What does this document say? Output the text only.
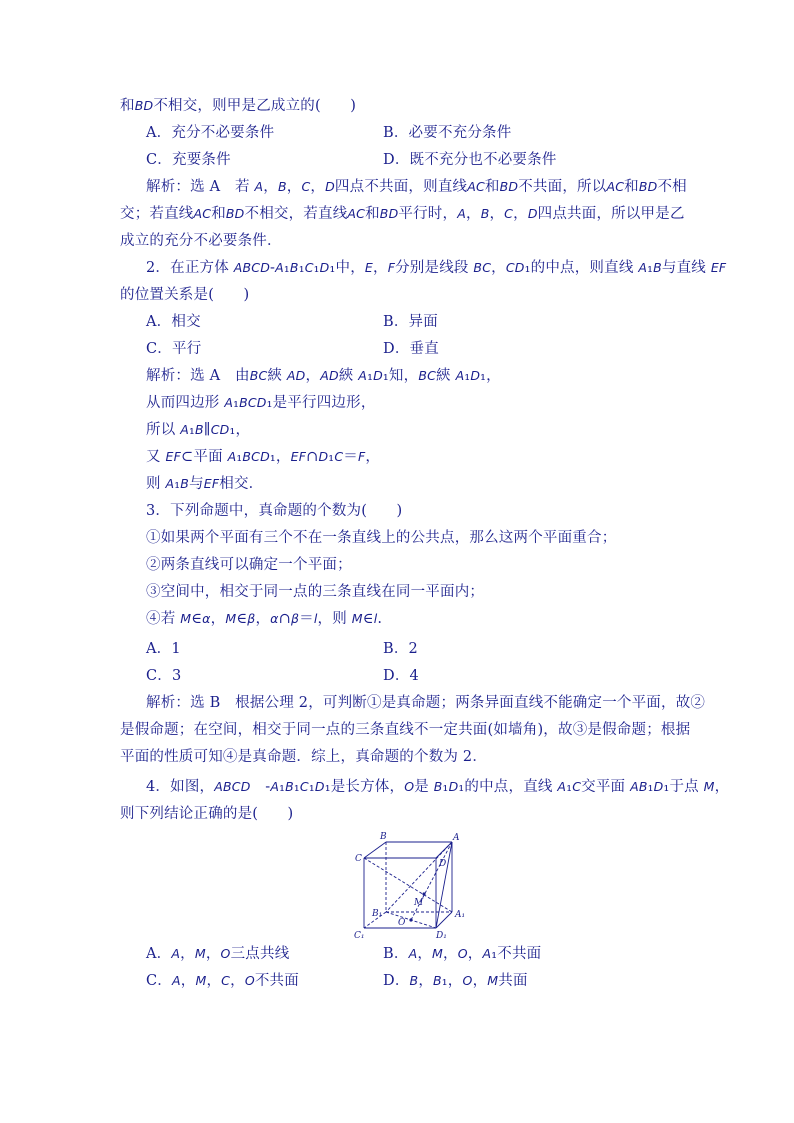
和BD不相交，则甲是乙成立的(　　)
A．充分不必要条件	B．必要不充分条件
C．充要条件	D．既不充分也不必要条件
解析：选 A　若 A，B，C，D四点不共面，则直线AC和BD不共面，所以AC和BD不相
交；若直线AC和BD不相交，若直线AC和BD平行时，A，B，C，D四点共面，所以甲是乙
成立的充分不必要条件．
2．在正方体 ABCD-A₁B₁C₁D₁中，E，F分别是线段 BC，CD₁的中点，则直线 A₁B与直线 EF
的位置关系是(　　)
A．相交	B．异面
C．平行	D．垂直
解析：选 A　由BC綊 AD，AD綊 A₁D₁知，BC綊 A₁D₁，
从而四边形 A₁BCD₁是平行四边形，
所以 A₁B∥CD₁，
又 EF⊂平面 A₁BCD₁，EF∩D₁C＝F，
则 A₁B与EF相交．
3．下列命题中，真命题的个数为(　　)
①如果两个平面有三个不在一条直线上的公共点，那么这两个平面重合；
②两条直线可以确定一个平面；
③空间中，相交于同一点的三条直线在同一平面内；
④若 M∈α，M∈β，α∩β＝l，则 M∈l.
A．1	B．2
C．3	D．4
解析：选 B　根据公理 2，可判断①是真命题；两条异面直线不能确定一个平面，故②
是假命题；在空间，相交于同一点的三条直线不一定共面(如墙角)，故③是假命题；根据
平面的性质可知④是真命题．综上，真命题的个数为 2．
4．如图，ABCD　-A₁B₁C₁D₁是长方体，O是 B₁D₁的中点，直线 A₁C交平面 AB₁D₁于点 M，
则下列结论正确的是(　　)
A．A，M，O三点共线	B．A，M，O，A₁不共面
C．A，M，C，O不共面	D．B，B₁，O，M共面
B	A
C	D
M
B₁	A₁
O
C₁	D₁
